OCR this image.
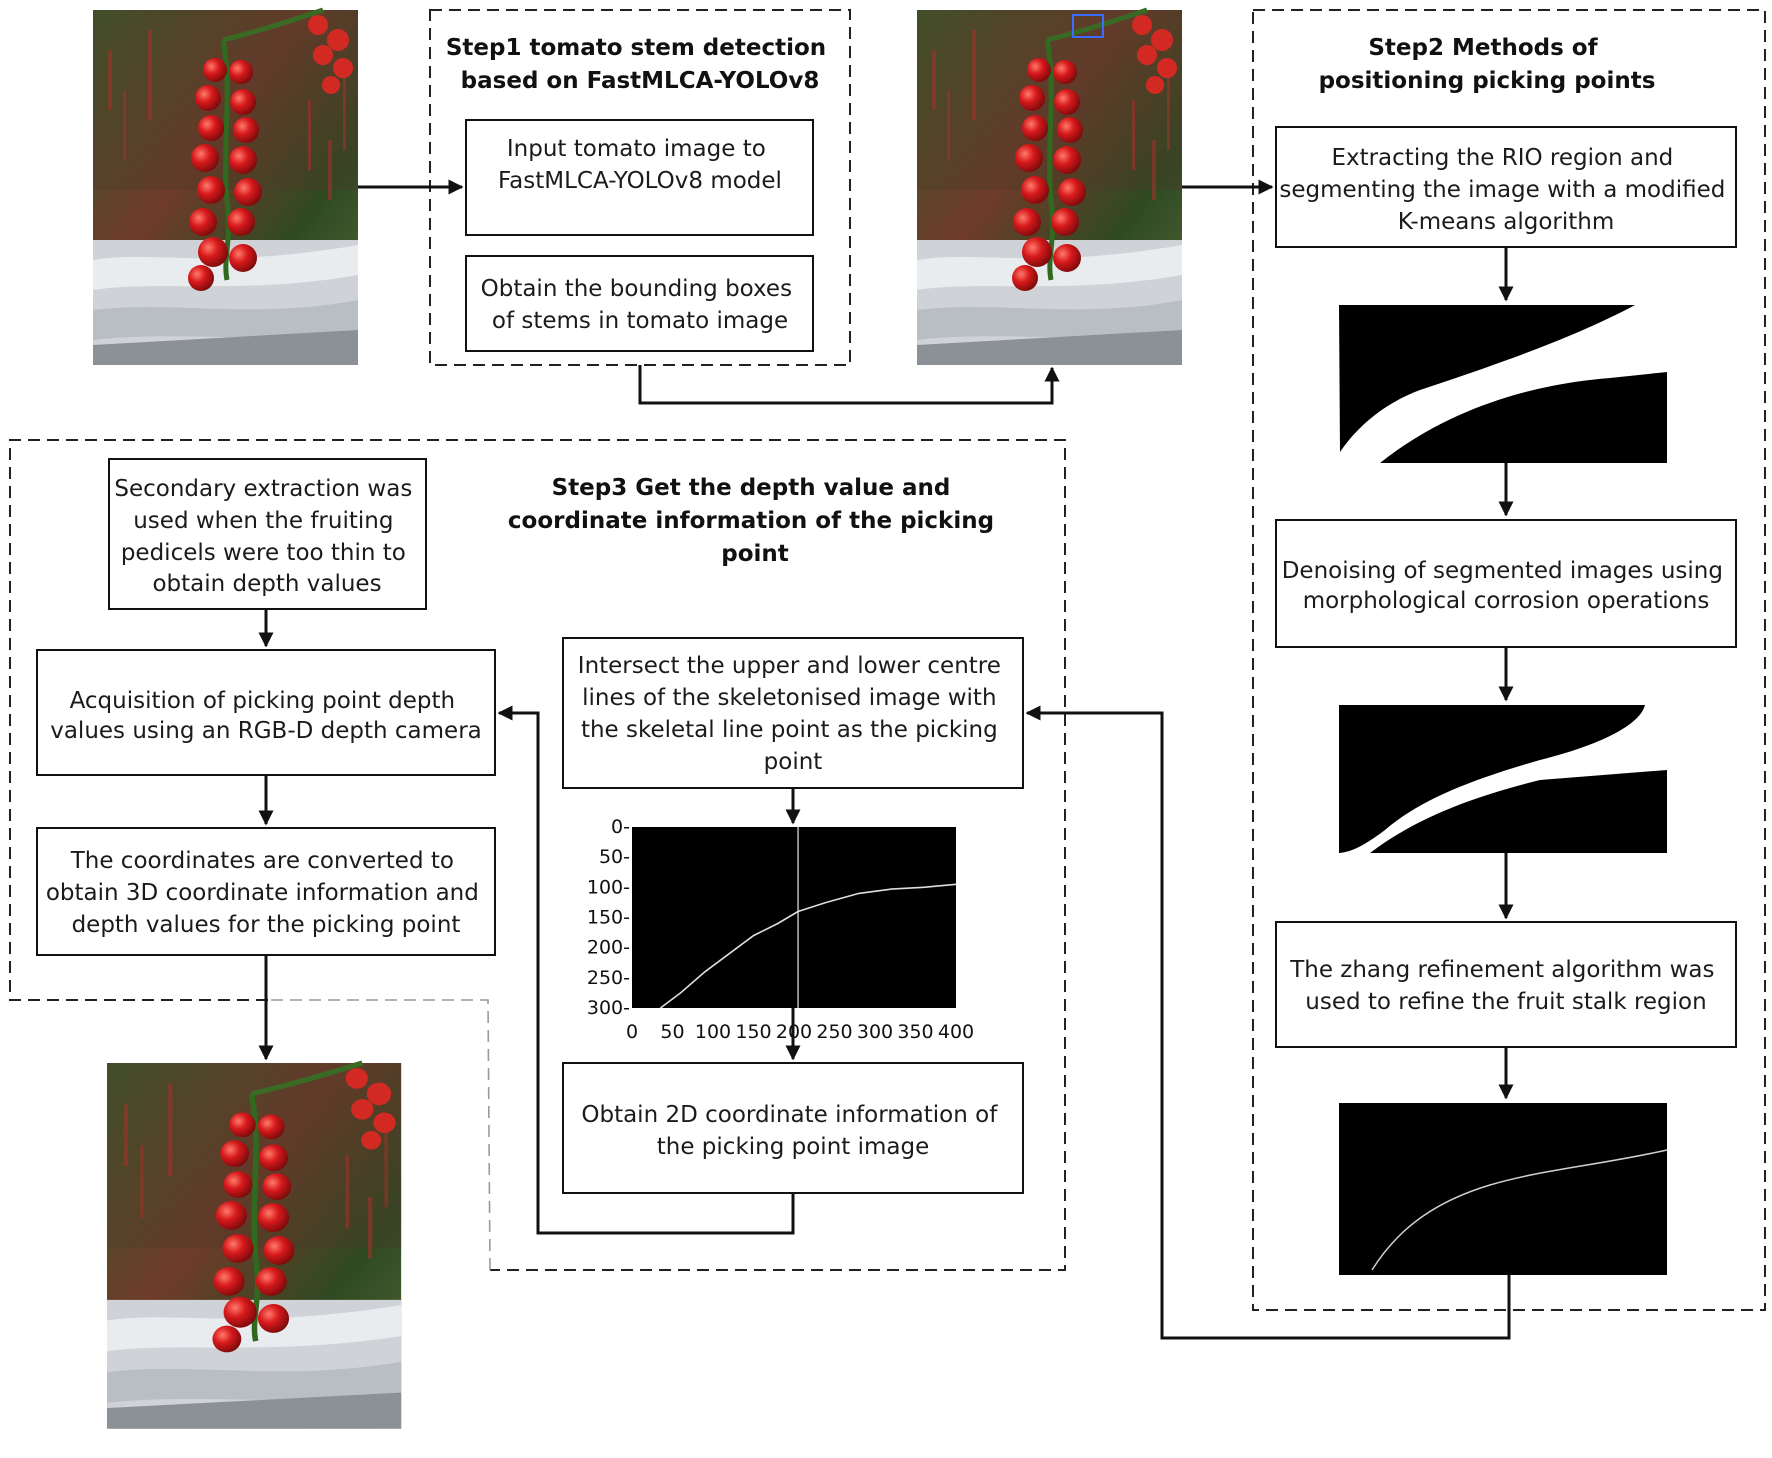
Step1 tomato stem detection based on FastMLCA-YOLOv8
Input tomato image to FastMLCA-YOLOv8 model
Obtain the bounding boxes of stems in tomato image
Step2 Methods of positioning picking points
Extracting the RIO region and segmenting the image with a modified K-means algorithm
Denoising of segmented images using morphological corrosion operations
The zhang refinement algorithm was used to refine the fruit stalk region
Step3 Get the depth value and coordinate information of the picking point
Intersect the upper and lower centre lines of the skeletonised image with the skeletal line point as the picking point
0 50 100 150 200 250 300 350 400
0-
50-
100-
150-
200-
250-
300-
Obtain 2D coordinate information of the picking point image
Secondary extraction was used when the fruiting pedicels were too thin to obtain depth values
Acquisition of picking point depth values using an RGB-D depth camera
The coordinates are converted to obtain 3D coordinate information and depth values for the picking point
